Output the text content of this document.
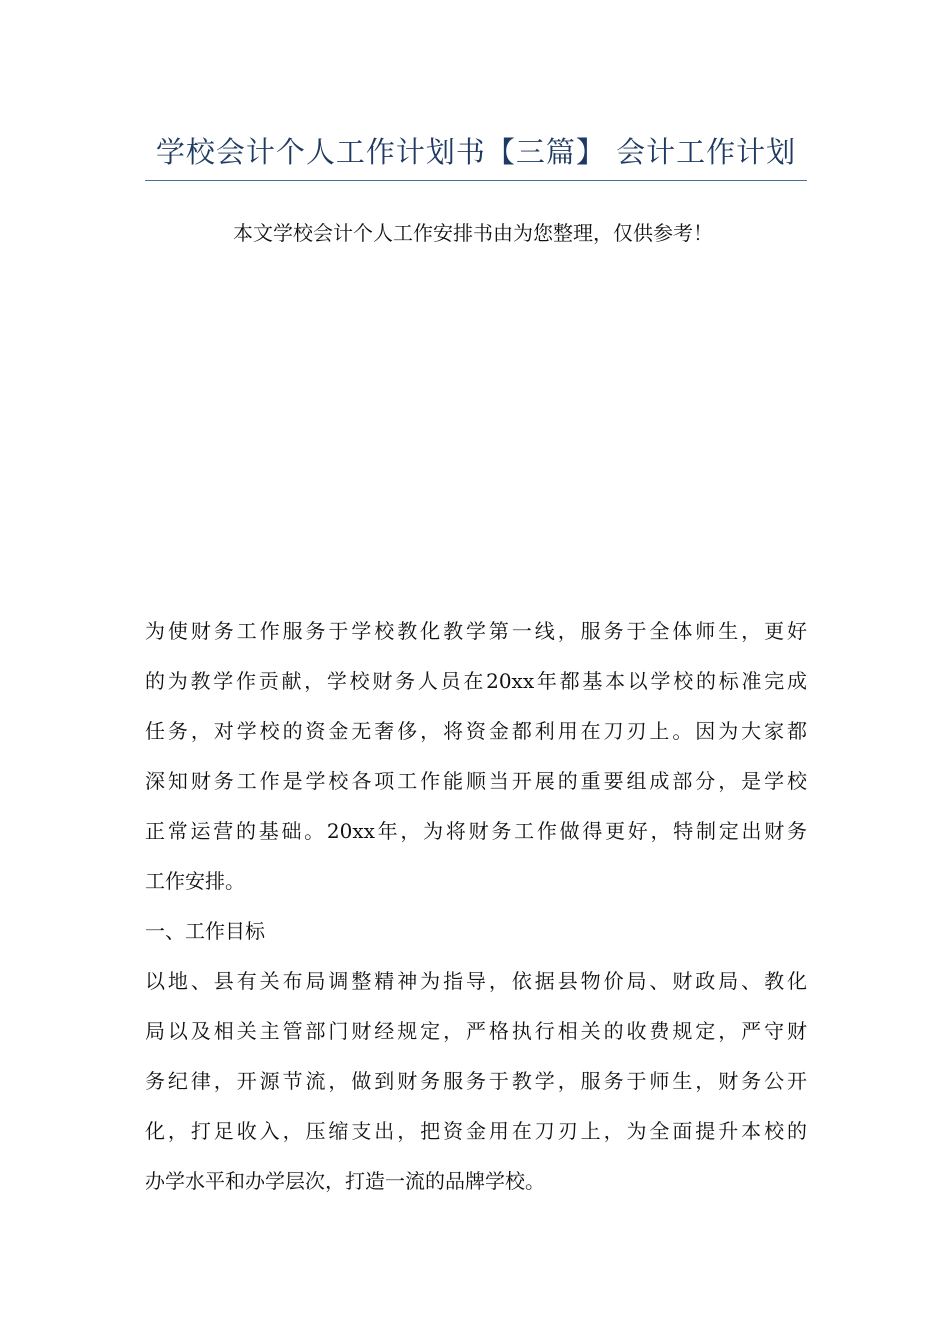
学校会计个人工作计划书【三篇】 会计工作计划
本文学校会计个人工作安排书由为您整理，仅供参考！
为使财务工作服务于学校教化教学第一线，服务于全体师生，更好
的为教学作贡献，学校财务人员在20xx年都基本以学校的标准完成
任务，对学校的资金无奢侈，将资金都利用在刀刃上。因为大家都
深知财务工作是学校各项工作能顺当开展的重要组成部分，是学校
正常运营的基础。20xx年，为将财务工作做得更好，特制定出财务
工作安排。
一、工作目标
以地、县有关布局调整精神为指导，依据县物价局、财政局、教化
局以及相关主管部门财经规定，严格执行相关的收费规定，严守财
务纪律，开源节流，做到财务服务于教学，服务于师生，财务公开
化，打足收入，压缩支出，把资金用在刀刃上，为全面提升本校的
办学水平和办学层次，打造一流的品牌学校。
